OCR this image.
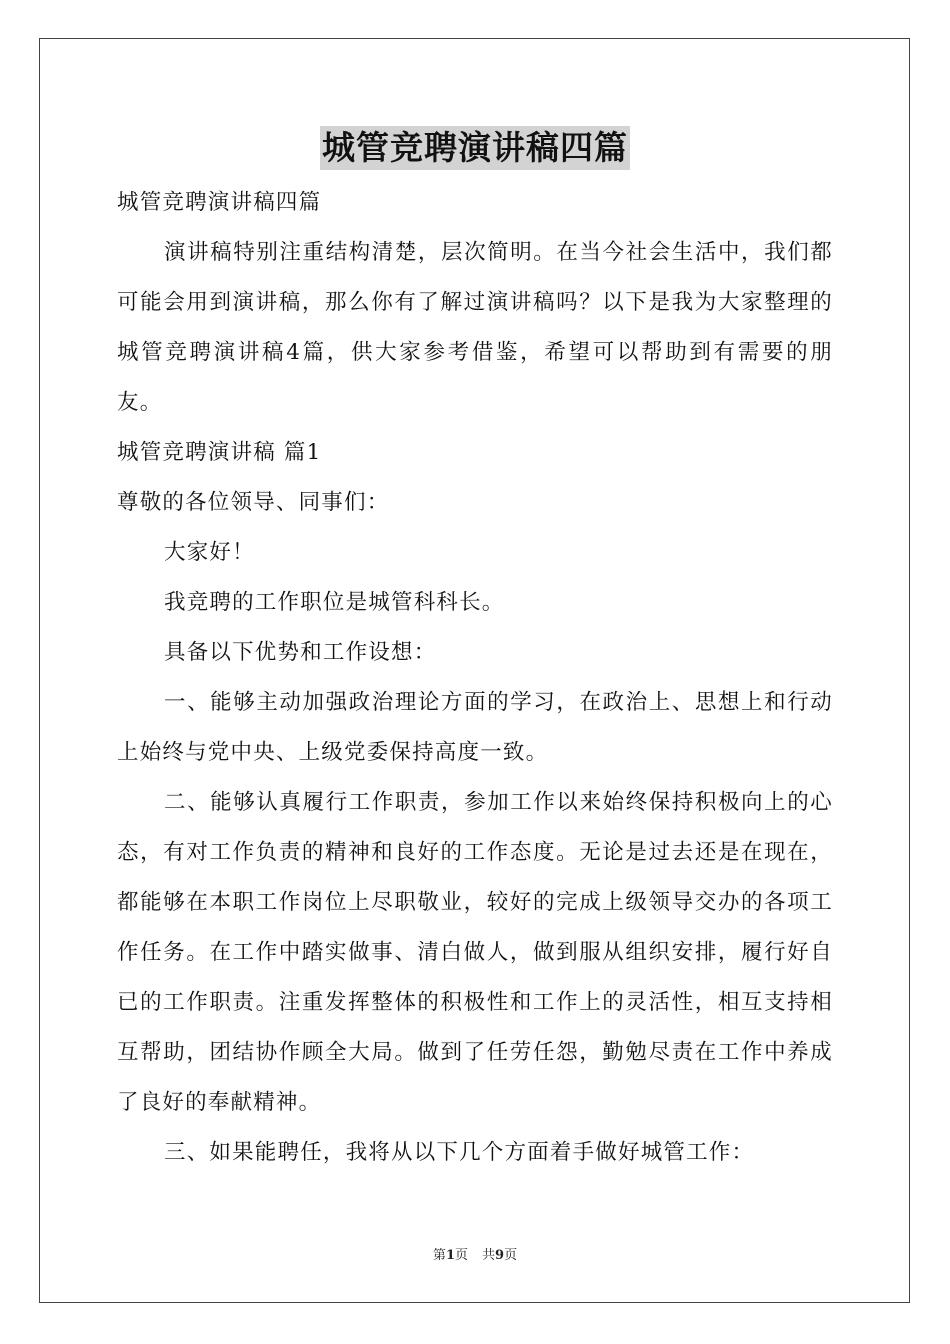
城管竞聘演讲稿四篇

城管竞聘演讲稿四篇

演讲稿特别注重结构清楚，层次简明。在当今社会生活中，我们都可能会用到演讲稿，那么你有了解过演讲稿吗？以下是我为大家整理的城管竞聘演讲稿4篇，供大家参考借鉴，希望可以帮助到有需要的朋友。

城管竞聘演讲稿 篇1

尊敬的各位领导、同事们：

大家好！

我竞聘的工作职位是城管科科长。

具备以下优势和工作设想：

一、能够主动加强政治理论方面的学习，在政治上、思想上和行动上始终与党中央、上级党委保持高度一致。

二、能够认真履行工作职责，参加工作以来始终保持积极向上的心态，有对工作负责的精神和良好的工作态度。无论是过去还是在现在，都能够在本职工作岗位上尽职敬业，较好的完成上级领导交办的各项工作任务。在工作中踏实做事、清白做人，做到服从组织安排，履行好自已的工作职责。注重发挥整体的积极性和工作上的灵活性，相互支持相互帮助，团结协作顾全大局。做到了任劳任怨，勤勉尽责在工作中养成了良好的奉献精神。

三、如果能聘任，我将从以下几个方面着手做好城管工作：

第1页 共9页
